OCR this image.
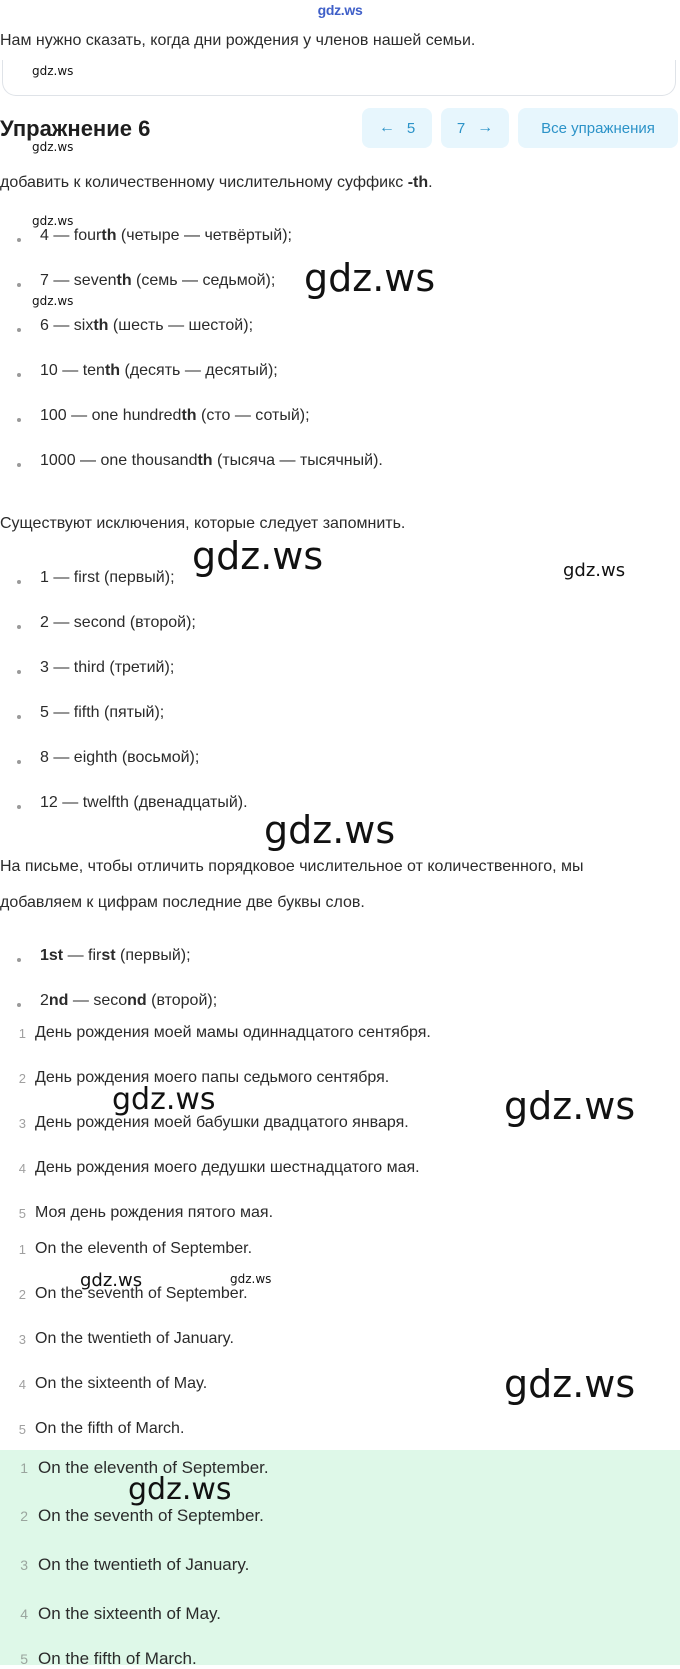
gdz.ws
Нам нужно сказать, когда дни рождения у членов нашей семьи.
gdz.ws
Упражнение 6
gdz.ws
← 5	7 →	Все упражнения
добавить к количественному числительному суффикс -th.
gdz.ws
4 — fourth (четыре — четвёртый);
7 — seventh (семь — седьмой); gdz.ws
gdz.ws
6 — sixth (шесть — шестой);
10 — tenth (десять — десятый);
100 — one hundredth (сто — сотый);
1000 — one thousandth (тысяча — тысячный).
Существуют исключения, которые следует запомнить.
gdz.ws	gdz.ws
1 — first (первый);
2 — second (второй);
3 — third (третий);
5 — fifth (пятый);
8 — eighth (восьмой);
12 — twelfth (двенадцатый).
gdz.ws
На письме, чтобы отличить порядковое числительное от количественного, мы
добавляем к цифрам последние две буквы слов.
1st — first (первый);
2nd — second (второй);
1 День рождения моей мамы одиннадцатого сентября.
2 День рождения моего папы седьмого сентября.
gdz.ws	gdz.ws
3 День рождения моей бабушки двадцатого января.
4 День рождения моего дедушки шестнадцатого мая.
5 Моя день рождения пятого мая.
1 On the eleventh of September.
gdz.ws	gdz.ws
2 On the seventh of September.
3 On the twentieth of January.
4 On the sixteenth of May.	gdz.ws
5 On the fifth of March.
1 On the eleventh of September.
gdz.ws
2 On the seventh of September.
3 On the twentieth of January.
4 On the sixteenth of May.
5 On the fifth of March.
